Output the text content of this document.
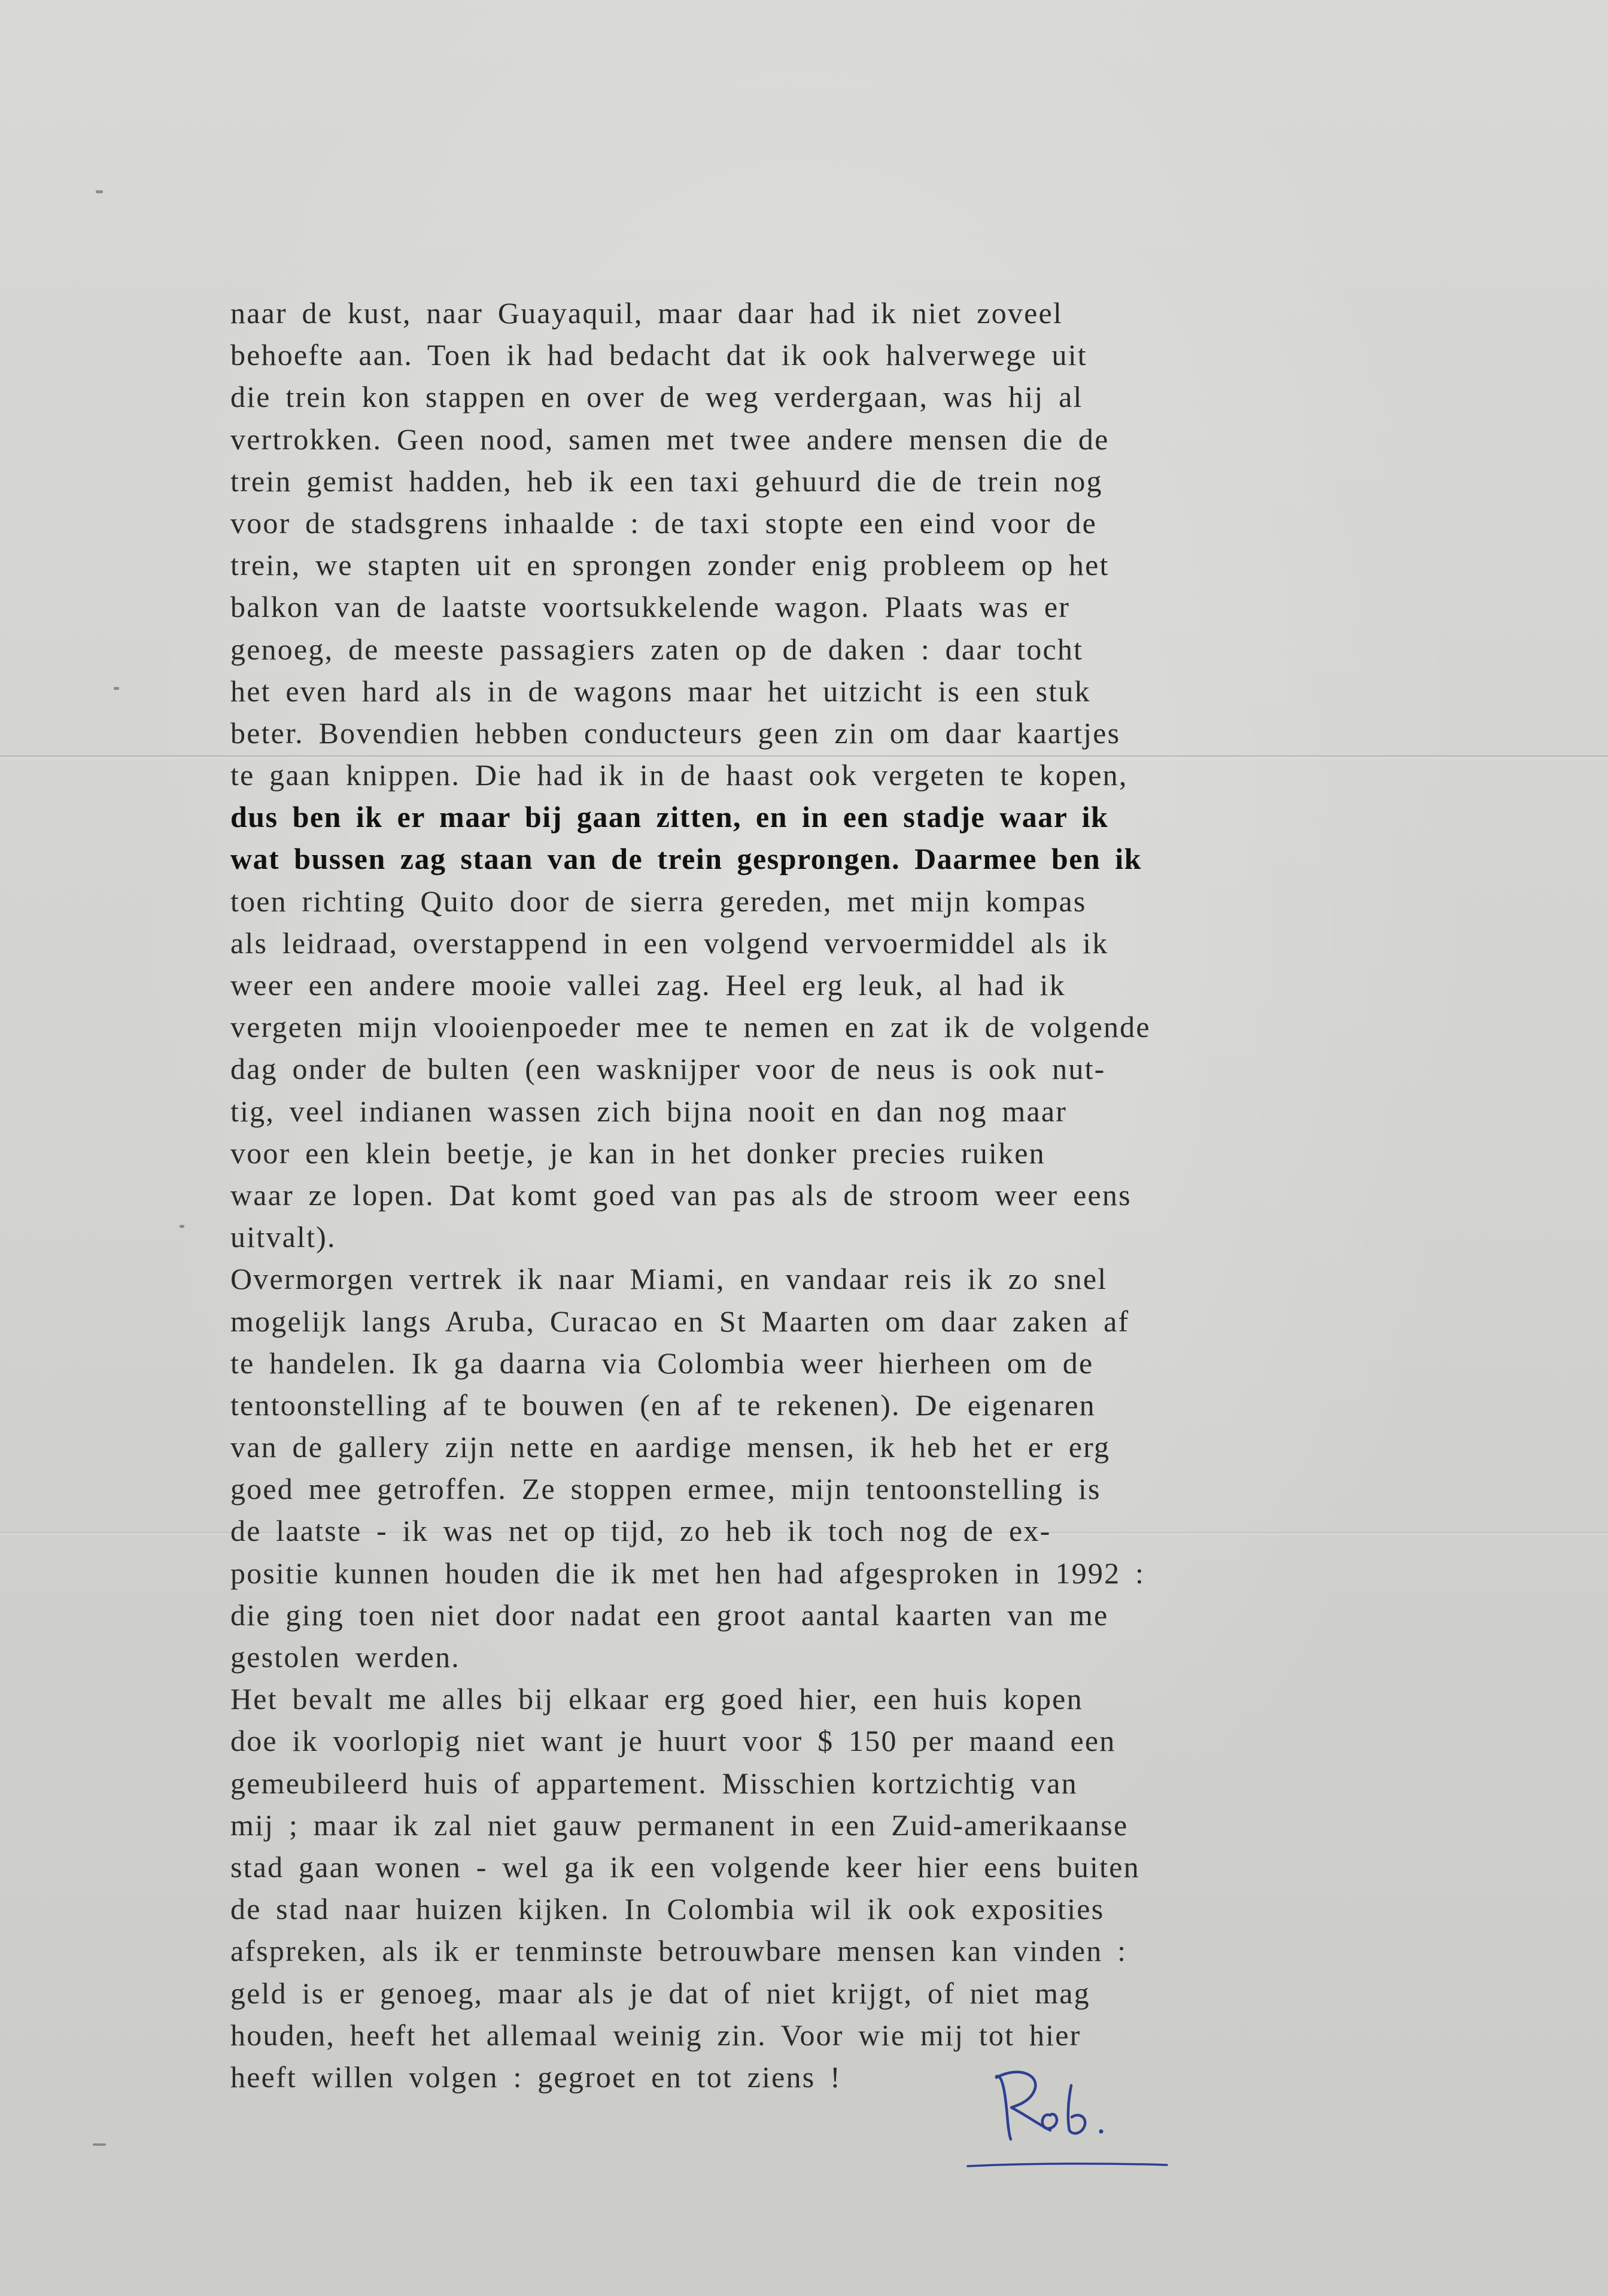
naar de kust, naar Guayaquil, maar daar had ik niet zoveel
behoefte aan. Toen ik had bedacht dat ik ook halverwege uit
die trein kon stappen en over de weg verdergaan, was hij al
vertrokken. Geen nood, samen met twee andere mensen die de
trein gemist hadden, heb ik een taxi gehuurd die de trein nog
voor de stadsgrens inhaalde : de taxi stopte een eind voor de
trein, we stapten uit en sprongen zonder enig probleem op het
balkon van de laatste voortsukkelende wagon. Plaats was er
genoeg, de meeste passagiers zaten op de daken : daar tocht
het even hard als in de wagons maar het uitzicht is een stuk
beter. Bovendien hebben conducteurs geen zin om daar kaartjes
te gaan knippen. Die had ik in de haast ook vergeten te kopen,
dus ben ik er maar bij gaan zitten, en in een stadje waar ik
wat bussen zag staan van de trein gesprongen. Daarmee ben ik
toen richting Quito door de sierra gereden, met mijn kompas
als leidraad, overstappend in een volgend vervoermiddel als ik
weer een andere mooie vallei zag. Heel erg leuk, al had ik
vergeten mijn vlooienpoeder mee te nemen en zat ik de volgende
dag onder de bulten (een wasknijper voor de neus is ook nut-
tig, veel indianen wassen zich bijna nooit en dan nog maar
voor een klein beetje, je kan in het donker precies ruiken
waar ze lopen. Dat komt goed van pas als de stroom weer eens
uitvalt).
Overmorgen vertrek ik naar Miami, en vandaar reis ik zo snel
mogelijk langs Aruba, Curacao en St Maarten om daar zaken af
te handelen. Ik ga daarna via Colombia weer hierheen om de
tentoonstelling af te bouwen (en af te rekenen). De eigenaren
van de gallery zijn nette en aardige mensen, ik heb het er erg
goed mee getroffen. Ze stoppen ermee, mijn tentoonstelling is
de laatste - ik was net op tijd, zo heb ik toch nog de ex-
positie kunnen houden die ik met hen had afgesproken in 1992 :
die ging toen niet door nadat een groot aantal kaarten van me
gestolen werden.
Het bevalt me alles bij elkaar erg goed hier, een huis kopen
doe ik voorlopig niet want je huurt voor $ 150 per maand een
gemeubileerd huis of appartement. Misschien kortzichtig van
mij ; maar ik zal niet gauw permanent in een Zuid-amerikaanse
stad gaan wonen - wel ga ik een volgende keer hier eens buiten
de stad naar huizen kijken. In Colombia wil ik ook exposities
afspreken, als ik er tenminste betrouwbare mensen kan vinden :
geld is er genoeg, maar als je dat of niet krijgt, of niet mag
houden, heeft het allemaal weinig zin. Voor wie mij tot hier
heeft willen volgen : gegroet en tot ziens !
Rob.
